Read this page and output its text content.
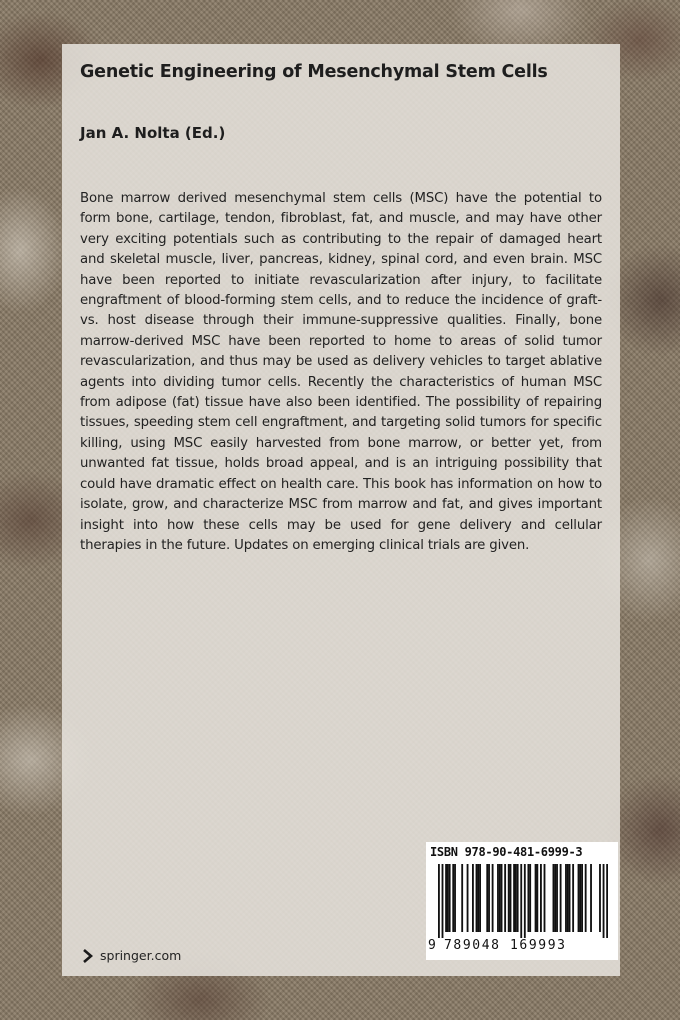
Genetic Engineering of Mesenchymal Stem Cells
Jan A. Nolta (Ed.)

Bone marrow derived mesenchymal stem cells (MSC) have the potential to form bone, cartilage, tendon, fibroblast, fat, and muscle, and may have other very exciting potentials such as contributing to the repair of damaged heart and skeletal muscle, liver, pancreas, kidney, spinal cord, and even brain. MSC have been reported to initiate revascularization after injury, to facilitate engraftment of blood-forming stem cells, and to reduce the incidence of graft-vs. host disease through their immune-suppressive qualities. Finally, bone marrow-derived MSC have been reported to home to areas of solid tumor revascularization, and thus may be used as delivery vehicles to target ablative agents into dividing tumor cells. Recently the characteristics of human MSC from adipose (fat) tissue have also been identified. The possibility of repairing tissues, speeding stem cell engraftment, and targeting solid tumors for specific killing, using MSC easily harvested from bone marrow, or better yet, from unwanted fat tissue, holds broad appeal, and is an intriguing possibility that could have dramatic effect on health care. This book has information on how to isolate, grow, and characterize MSC from marrow and fat, and gives important insight into how these cells may be used for gene delivery and cellular therapies in the future. Updates on emerging clinical trials are given.

ISBN 978-90-481-6999-3
9 789048 169993
springer.com
